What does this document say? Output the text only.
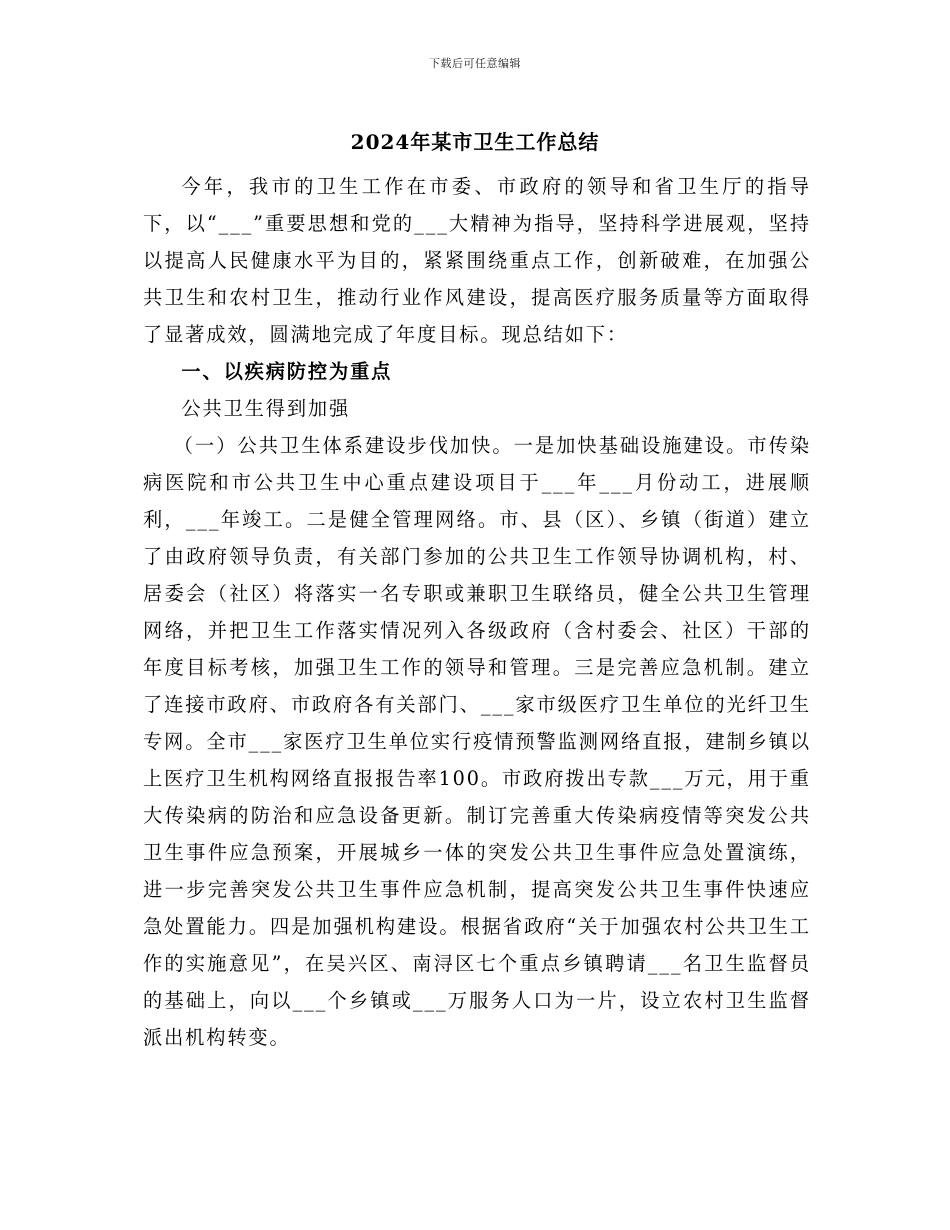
下载后可任意编辑
2024年某市卫生工作总结

今年，我市的卫生工作在市委、市政府的领导和省卫生厅的指导下，以“___”重要思想和党的___大精神为指导，坚持科学进展观，坚持以提高人民健康水平为目的，紧紧围绕重点工作，创新破难，在加强公共卫生和农村卫生，推动行业作风建设，提高医疗服务质量等方面取得了显著成效，圆满地完成了年度目标。现总结如下：

一、以疾病防控为重点

公共卫生得到加强

（一）公共卫生体系建设步伐加快。一是加快基础设施建设。市传染病医院和市公共卫生中心重点建设项目于___年___月份动工，进展顺利，___年竣工。二是健全管理网络。市、县（区）、乡镇（街道）建立了由政府领导负责，有关部门参加的公共卫生工作领导协调机构，村、居委会（社区）将落实一名专职或兼职卫生联络员，健全公共卫生管理网络，并把卫生工作落实情况列入各级政府（含村委会、社区）干部的年度目标考核，加强卫生工作的领导和管理。三是完善应急机制。建立了连接市政府、市政府各有关部门、___家市级医疗卫生单位的光纤卫生专网。全市___家医疗卫生单位实行疫情预警监测网络直报，建制乡镇以上医疗卫生机构网络直报报告率100。市政府拨出专款___万元，用于重大传染病的防治和应急设备更新。制订完善重大传染病疫情等突发公共卫生事件应急预案，开展城乡一体的突发公共卫生事件应急处置演练，进一步完善突发公共卫生事件应急机制，提高突发公共卫生事件快速应急处置能力。四是加强机构建设。根据省政府“关于加强农村公共卫生工作的实施意见”，在吴兴区、南浔区七个重点乡镇聘请___名卫生监督员的基础上，向以___个乡镇或___万服务人口为一片，设立农村卫生监督派出机构转变。
